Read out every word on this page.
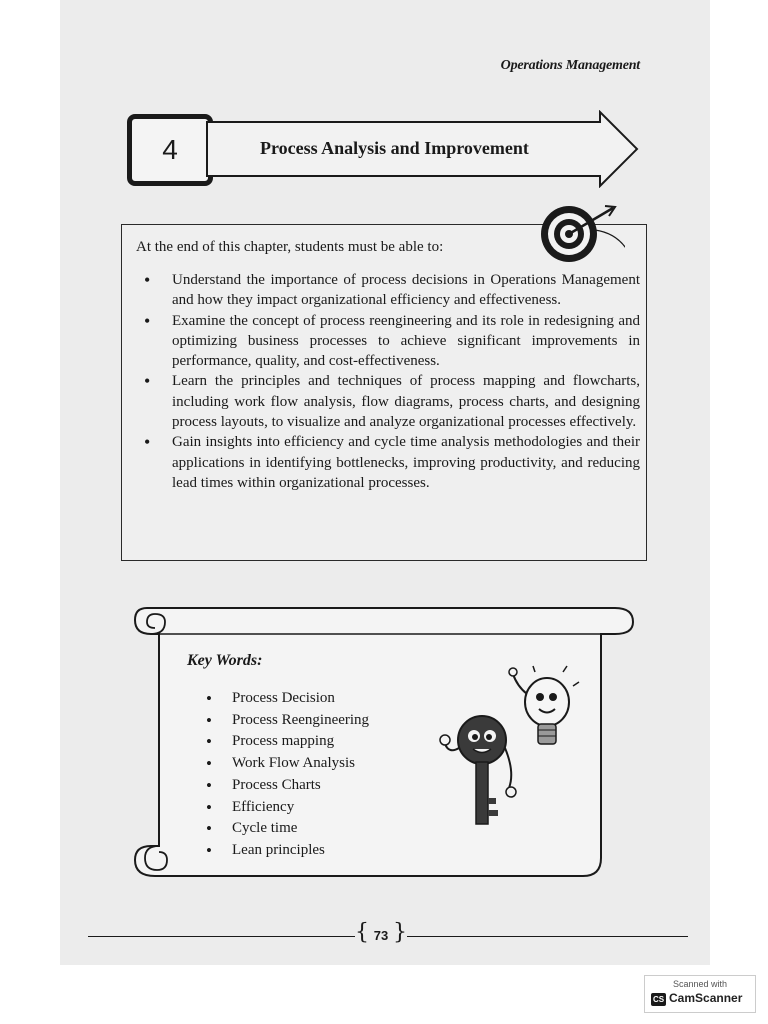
Operations Management
4	Process Analysis and Improvement
At the end of this chapter, students must be able to:
• Understand the importance of process decisions in Operations Management and how they impact organizational efficiency and effectiveness.
• Examine the concept of process reengineering and its role in redesigning and optimizing business processes to achieve significant improvements in performance, quality, and cost-effectiveness.
• Learn the principles and techniques of process mapping and flowcharts, including work flow analysis, flow diagrams, process charts, and designing process layouts, to visualize and analyze organizational processes effectively.
• Gain insights into efficiency and cycle time analysis methodologies and their applications in identifying bottlenecks, improving productivity, and reducing lead times within organizational processes.
Key Words:
• Process Decision
• Process Reengineering
• Process mapping
• Work Flow Analysis
• Process Charts
• Efficiency
• Cycle time
• Lean principles
{ 73 }
Scanned with
CS CamScanner
